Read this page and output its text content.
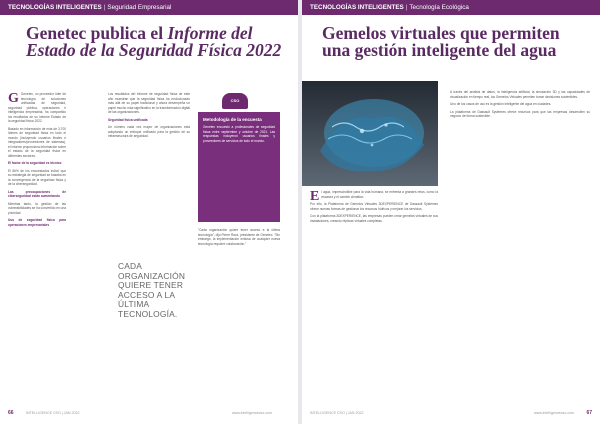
TECNOLOGÍAS INTELIGENTES | Seguridad Empresarial
Genetec publica el Informe del Estado de la Seguridad Física 2022

G Genetec, un proveedor líder de tecnología de soluciones unificadas de seguridad, seguridad pública, operaciones e inteligencia empresarial, ha compartido los resultados de su informe Estado de la seguridad física 2022.

Basado en información de más de 3.700 líderes de seguridad física en todo el mundo (incluyendo usuarios finales e integradores/proveedores de sistemas), el informe proporciona información sobre el estado de la seguridad física en diferentes sectores.

El factor de la seguridad es técnico

El 66% de los encuestados indicó que su estrategia de seguridad se basaba en la convergencia de la seguridad física y de la ciberseguridad.

Las preocupaciones de ciberseguridad están aumentando

Mientras tanto, la gestión de las vulnerabilidades se ha convertido en una prioridad.

Uso de seguridad física para operaciones empresariales

Los resultados del informe de seguridad física de este año muestran que la seguridad física ha evolucionado más allá de su papel tradicional y ahora desempeña un papel mucho más significativo en la transformación digital de las organizaciones.

Seguridad física unificada

Un número cada vez mayor de organizaciones está adoptando un enfoque unificado para la gestión de su infraestructura de seguridad.

CSO
Metodología de la encuesta

Genetec encuestó a profesionales de seguridad física entre septiembre y octubre de 2021. Las respuestas incluyeron usuarios finales y proveedores de servicios de todo el mundo.

"Cada organización quiere tener acceso a la última tecnología", dijo Pierre Racz, presidente de Genetec. "Sin embargo, la implementación exitosa de cualquier nueva tecnología requiere colaboración."

CADA ORGANIZACIÓN QUIERE TENER ACCESO A LA ÚLTIMA TECNOLOGÍA.
66	INTELLIGENCE CSO | JAN 2022	www.intelligencecso.com
TECNOLOGÍAS INTELIGENTES | Tecnología Ecológica
Gemelos virtuales que permiten una gestión inteligente del agua

El agua, imprescindible para la vida humana, se enfrenta a grandes retos, como la escasez y el cambio climático.

Por ello, la Plataforma de Gemelos Virtuales 3DEXPERIENCE de Dassault Systèmes ofrece nuevas formas de gestionar los recursos hídricos y mejorar los servicios.

Con la plataforma 3DEXPERIENCE, las empresas pueden crear gemelos virtuales de sus instalaciones, creando réplicas virtuales completas.

A través del análisis de datos, la inteligencia artificial, la simulación 3D y las capacidades de visualización en tiempo real, los Gemelos Virtuales permiten tomar decisiones sostenibles.

Uno de los casos de uso es la gestión inteligente del agua en ciudades.

La plataforma de Dassault Systèmes ofrece recursos para que las empresas desarrollen su negocio de forma sostenible.

INTELLIGENCE CSO | JAN 2022	www.intelligencecso.com 67
